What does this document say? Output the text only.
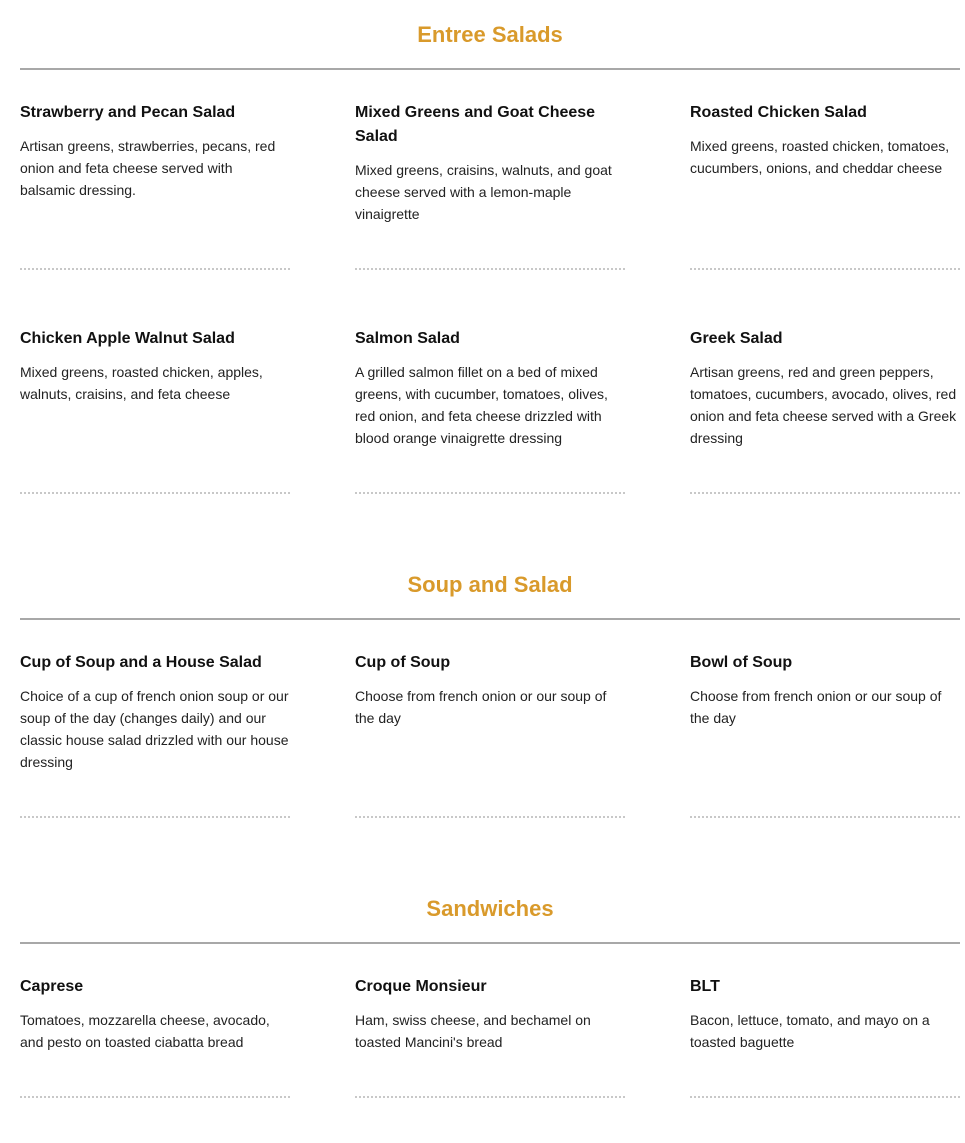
Entree Salads
Strawberry and Pecan Salad

Artisan greens, strawberries, pecans, red onion and feta cheese served with balsamic dressing.

Mixed Greens and Goat Cheese Salad

Mixed greens, craisins, walnuts, and goat cheese served with a lemon-maple vinaigrette

Roasted Chicken Salad

Mixed greens, roasted chicken, tomatoes, cucumbers, onions, and cheddar cheese

Chicken Apple Walnut Salad

Mixed greens, roasted chicken, apples, walnuts, craisins, and feta cheese

Salmon Salad

A grilled salmon fillet on a bed of mixed greens, with cucumber, tomatoes, olives, red onion, and feta cheese drizzled with blood orange vinaigrette dressing

Greek Salad

Artisan greens, red and green peppers, tomatoes, cucumbers, avocado, olives, red onion and feta cheese served with a Greek dressing

Soup and Salad
Cup of Soup and a House Salad

Choice of a cup of french onion soup or our soup of the day (changes daily) and our classic house salad drizzled with our house dressing

Cup of Soup

Choose from french onion or our soup of the day

Bowl of Soup

Choose from french onion or our soup of the day

Sandwiches
Caprese

Tomatoes, mozzarella cheese, avocado, and pesto on toasted ciabatta bread

Croque Monsieur

Ham, swiss cheese, and bechamel on toasted Mancini's bread

BLT

Bacon, lettuce, tomato, and mayo on a toasted baguette
